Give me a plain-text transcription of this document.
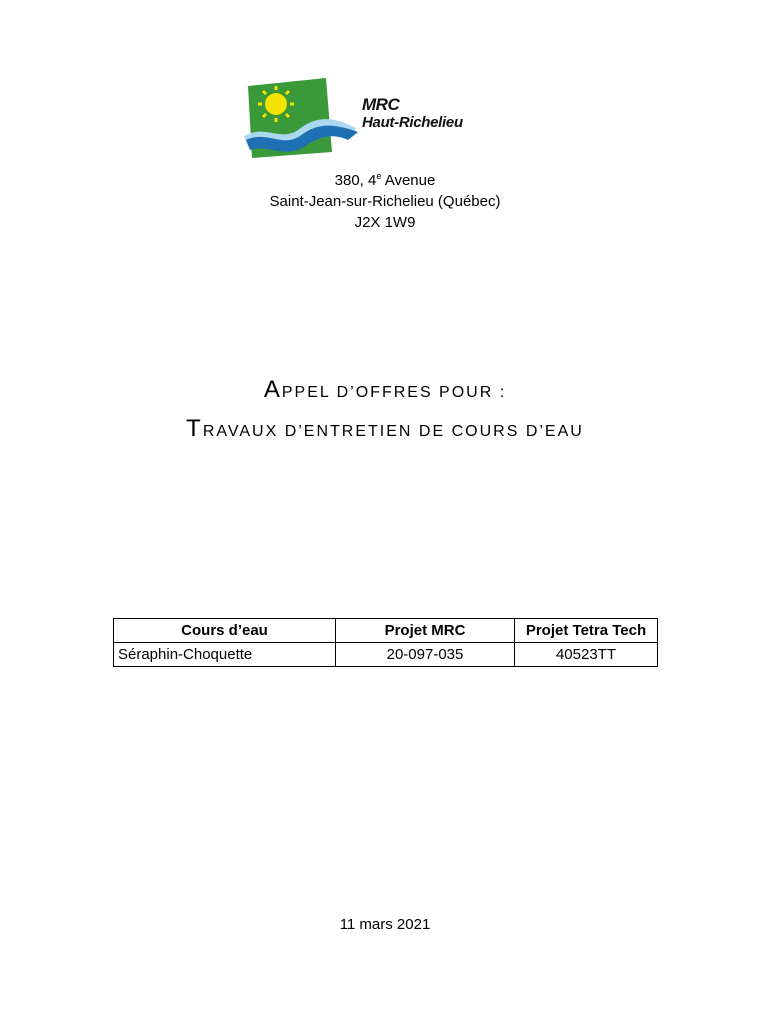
MRC
Haut-Richelieu
380, 4e Avenue
Saint-Jean-sur-Richelieu (Québec)
J2X 1W9
APPEL D’OFFRES POUR :
TRAVAUX D’ENTRETIEN DE COURS D’EAU
Cours d’eau	Projet MRC	Projet Tetra Tech
Séraphin-Choquette	20-097-035	40523TT
11 mars 2021
